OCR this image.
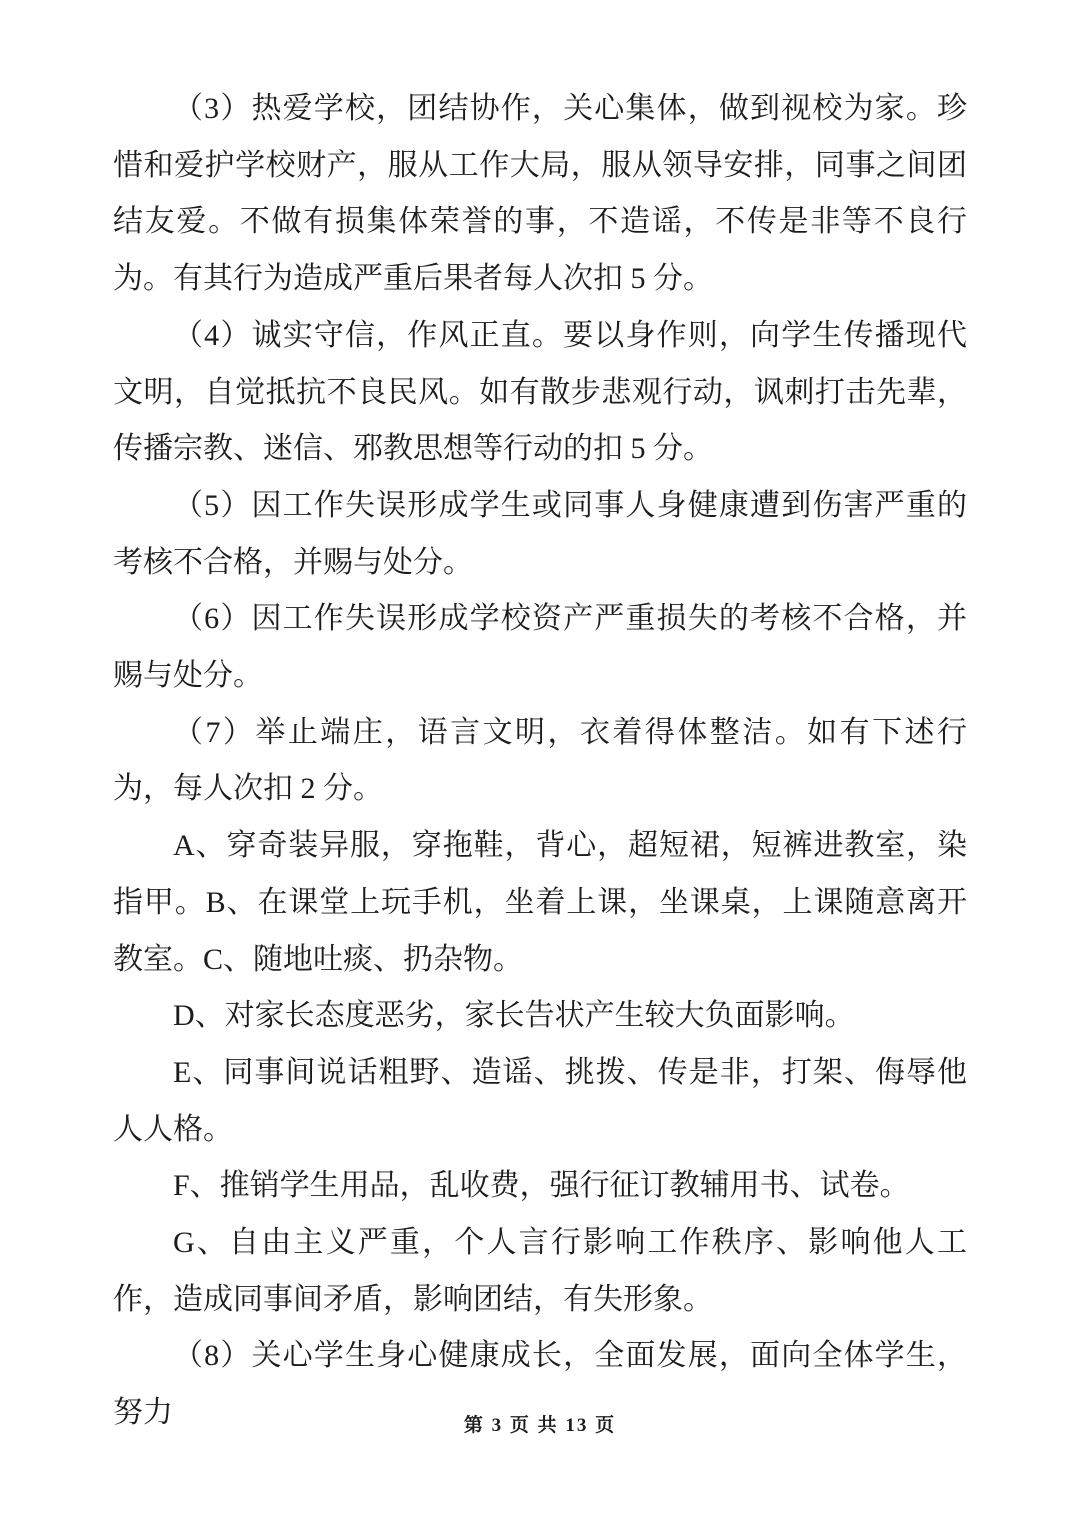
（3）热爱学校，团结协作，关心集体，做到视校为家。珍惜和爱护学校财产，服从工作大局，服从领导安排，同事之间团结友爱。不做有损集体荣誉的事，不造谣，不传是非等不良行为。有其行为造成严重后果者每人次扣 5 分。

（4）诚实守信，作风正直。要以身作则，向学生传播现代文明，自觉抵抗不良民风。如有散步悲观行动，讽刺打击先辈，传播宗教、迷信、邪教思想等行动的扣 5 分。

（5）因工作失误形成学生或同事人身健康遭到伤害严重的考核不合格，并赐与处分。

（6）因工作失误形成学校资产严重损失的考核不合格，并赐与处分。

（7）举止端庄，语言文明，衣着得体整洁。如有下述行为，每人次扣 2 分。

A、穿奇装异服，穿拖鞋，背心，超短裙，短裤进教室，染指甲。B、在课堂上玩手机，坐着上课，坐课桌，上课随意离开教室。C、随地吐痰、扔杂物。

D、对家长态度恶劣，家长告状产生较大负面影响。

E、同事间说话粗野、造谣、挑拨、传是非，打架、侮辱他人人格。

F、推销学生用品，乱收费，强行征订教辅用书、试卷。

G、自由主义严重，个人言行影响工作秩序、影响他人工作，造成同事间矛盾，影响团结，有失形象。

（8）关心学生身心健康成长，全面发展，面向全体学生，努力	第 3 页 共 13 页
